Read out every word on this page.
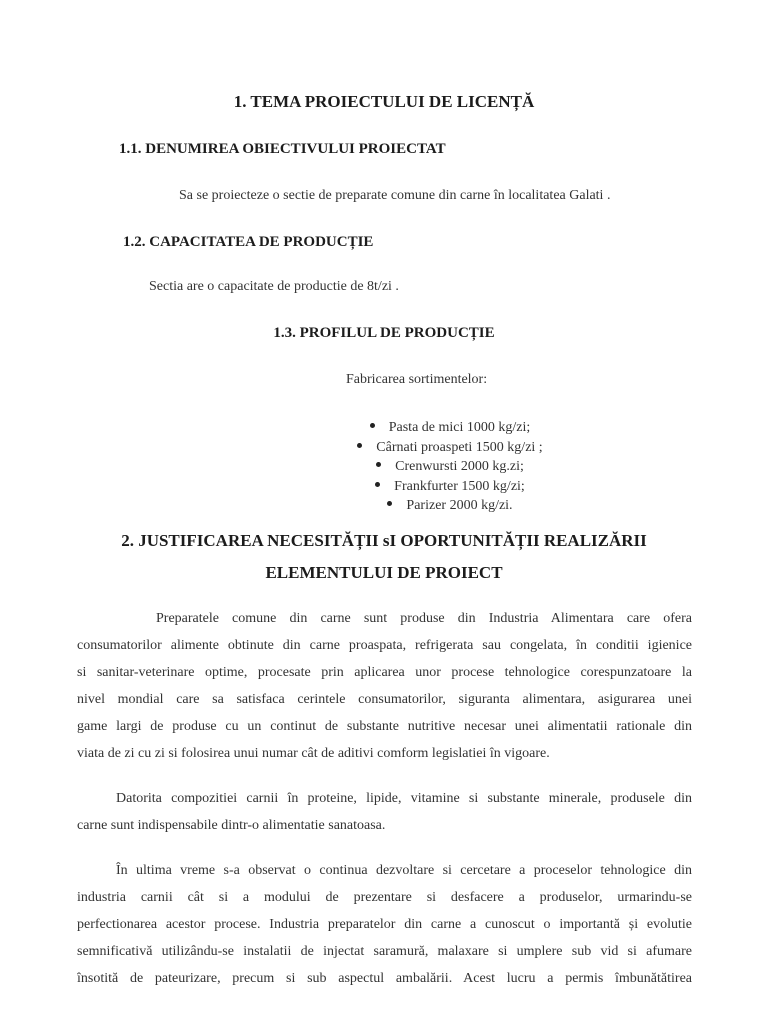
1. TEMA PROIECTULUI DE LICENȚĂ
1.1. DENUMIREA OBIECTIVULUI PROIECTAT
Sa se proiecteze o sectie de preparate comune din carne în localitatea Galati .
1.2. CAPACITATEA DE PRODUCȚIE
Sectia are o capacitate de productie de 8t/zi .
1.3. PROFILUL DE PRODUCȚIE
Fabricarea sortimentelor:
Pasta de mici 1000 kg/zi;
Cârnati proaspeti 1500 kg/zi ;
Crenwursti 2000 kg.zi;
Frankfurter 1500 kg/zi;
Parizer 2000 kg/zi.
2. JUSTIFICAREA NECESITĂȚII sI OPORTUNITĂȚII REALIZĂRII
ELEMENTULUI DE PROIECT
Preparatele comune din carne sunt produse din Industria Alimentara care ofera
consumatorilor alimente obtinute din carne proaspata, refrigerata sau congelata, în conditii igienice
si sanitar-veterinare optime, procesate prin aplicarea unor procese tehnologice corespunzatoare la
nivel mondial care sa satisfaca cerintele consumatorilor, siguranta alimentara, asigurarea unei
game largi de produse cu un continut de substante nutritive necesar unei alimentatii rationale din
viata de zi cu zi si folosirea unui numar cât de aditivi comform legislatiei în vigoare.
Datorita compozitiei carnii în proteine, lipide, vitamine si substante minerale, produsele din
carne sunt indispensabile dintr-o alimentatie sanatoasa.
În ultima vreme s-a observat o continua dezvoltare si cercetare a proceselor tehnologice din
industria carnii cât si a modului de prezentare si desfacere a produselor, urmarindu-se
perfectionarea acestor procese. Industria preparatelor din carne a cunoscut o importantă și evolutie
semnificativă utilizându-se instalatii de injectat saramură, malaxare si umplere sub vid si afumare
însotită de pateurizare, precum si sub aspectul ambalării. Acest lucru a permis îmbunătătirea
